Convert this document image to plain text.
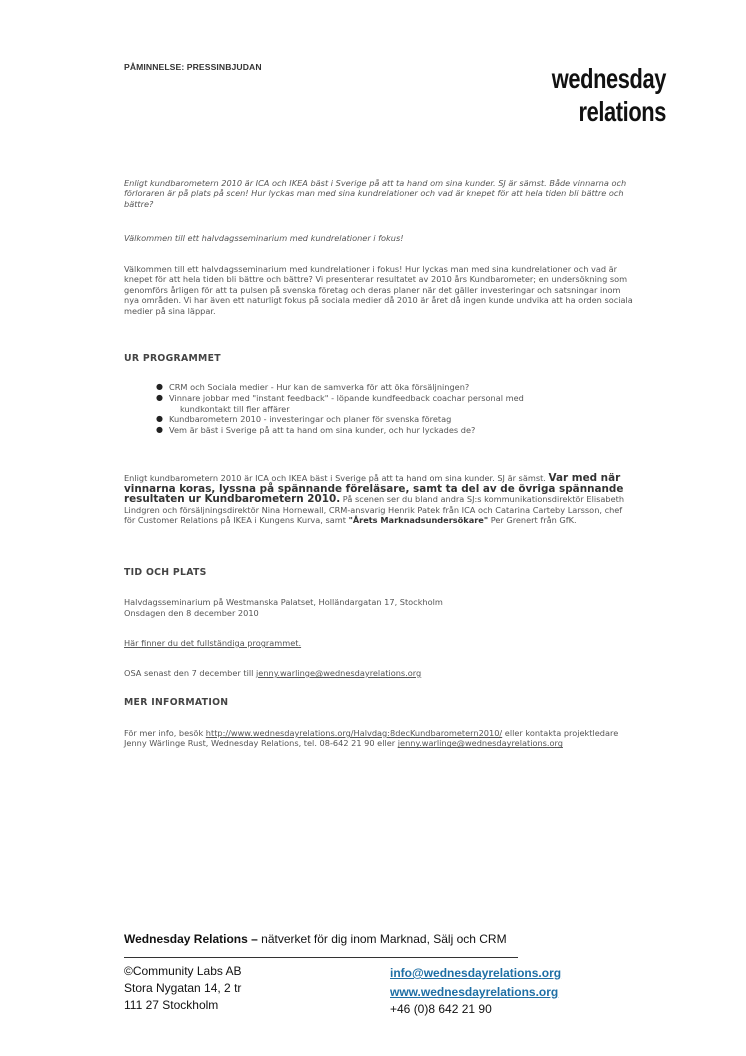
PÅMINNELSE: PRESSINBJUDAN	wednesday
relations
Enligt kundbarometern 2010 är ICA och IKEA bäst i Sverige på att ta hand om sina kunder. SJ är sämst. Både vinnarna och förloraren är på plats på scen! Hur lyckas man med sina kundrelationer och vad är knepet för att hela tiden bli bättre och bättre?
Välkommen till ett halvdagsseminarium med kundrelationer i fokus!
Välkommen till ett halvdagsseminarium med kundrelationer i fokus! Hur lyckas man med sina kundrelationer och vad är knepet för att hela tiden bli bättre och bättre? Vi presenterar resultatet av 2010 års Kundbarometer; en undersökning som genomförs årligen för att ta pulsen på svenska företag och deras planer när det gäller investeringar och satsningar inom nya områden. Vi har även ett naturligt fokus på sociala medier då 2010 är året då ingen kunde undvika att ha orden sociala medier på sina läppar.
UR PROGRAMMET
● CRM och Sociala medier - Hur kan de samverka för att öka försäljningen?
● Vinnare jobbar med "instant feedback" - löpande kundfeedback coachar personal med
kundkontakt till fler affärer
● Kundbarometern 2010 - investeringar och planer för svenska företag
● Vem är bäst i Sverige på att ta hand om sina kunder, och hur lyckades de?
Enligt kundbarometern 2010 är ICA och IKEA bäst i Sverige på att ta hand om sina kunder. SJ är sämst. Var med när vinnarna koras, lyssna på spännande föreläsare, samt ta del av de övriga spännande resultaten ur Kundbarometern 2010. På scenen ser du bland andra SJ:s kommunikationsdirektör Elisabeth Lindgren och försäljningsdirektör Nina Hornewall, CRM-ansvarig Henrik Patek från ICA och Catarina Carteby Larsson, chef för Customer Relations på IKEA i Kungens Kurva, samt "Årets Marknadsundersökare" Per Grenert från GfK.
TID OCH PLATS
Halvdagsseminarium på Westmanska Palatset, Holländargatan 17, Stockholm
Onsdagen den 8 december 2010
Här finner du det fullständiga programmet.
OSA senast den 7 december till jenny.warlinge@wednesdayrelations.org
MER INFORMATION
För mer info, besök http://www.wednesdayrelations.org/Halvdag:8decKundbarometern2010/ eller kontakta projektledare Jenny Wärlinge Rust, Wednesday Relations, tel. 08-642 21 90 eller jenny.warlinge@wednesdayrelations.org
Wednesday Relations – nätverket för dig inom Marknad, Sälj och CRM
©Community Labs AB
Stora Nygatan 14, 2 tr
111 27 Stockholm
info@wednesdayrelations.org
www.wednesdayrelations.org
+46 (0)8 642 21 90
